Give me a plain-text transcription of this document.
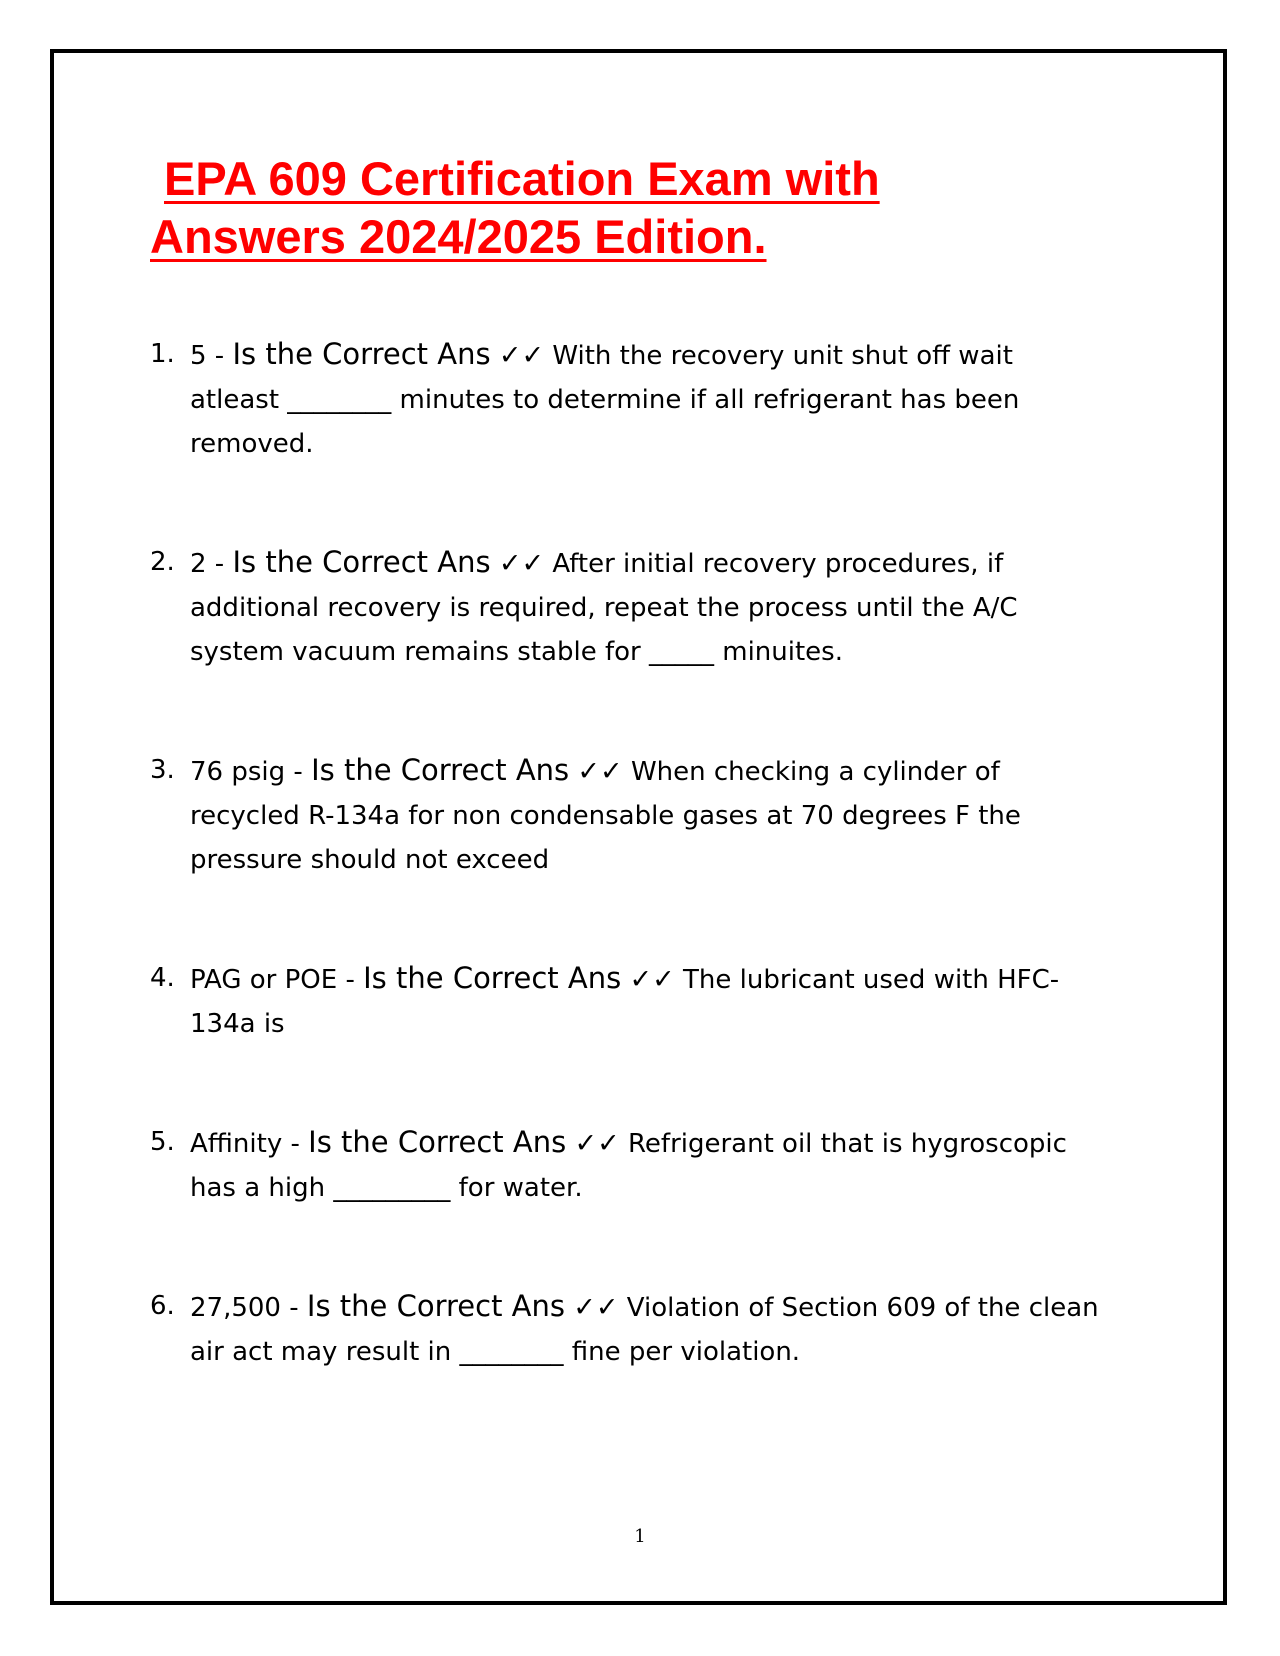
EPA 609 Certification Exam with
Answers 2024/2025 Edition.
1. 5 - Is the Correct Ans ✓✓ With the recovery unit shut off wait atleast ________ minutes to determine if all refrigerant has been removed.
2. 2 - Is the Correct Ans ✓✓ After initial recovery procedures, if additional recovery is required, repeat the process until the A/C system vacuum remains stable for _____ minuites.
3. 76 psig - Is the Correct Ans ✓✓ When checking a cylinder of recycled R-134a for non condensable gases at 70 degrees F the pressure should not exceed
4. PAG or POE - Is the Correct Ans ✓✓ The lubricant used with HFC-134a is
5. Affinity - Is the Correct Ans ✓✓ Refrigerant oil that is hygroscopic has a high _________ for water.
6. 27,500 - Is the Correct Ans ✓✓ Violation of Section 609 of the clean air act may result in ________ fine per violation.
1
